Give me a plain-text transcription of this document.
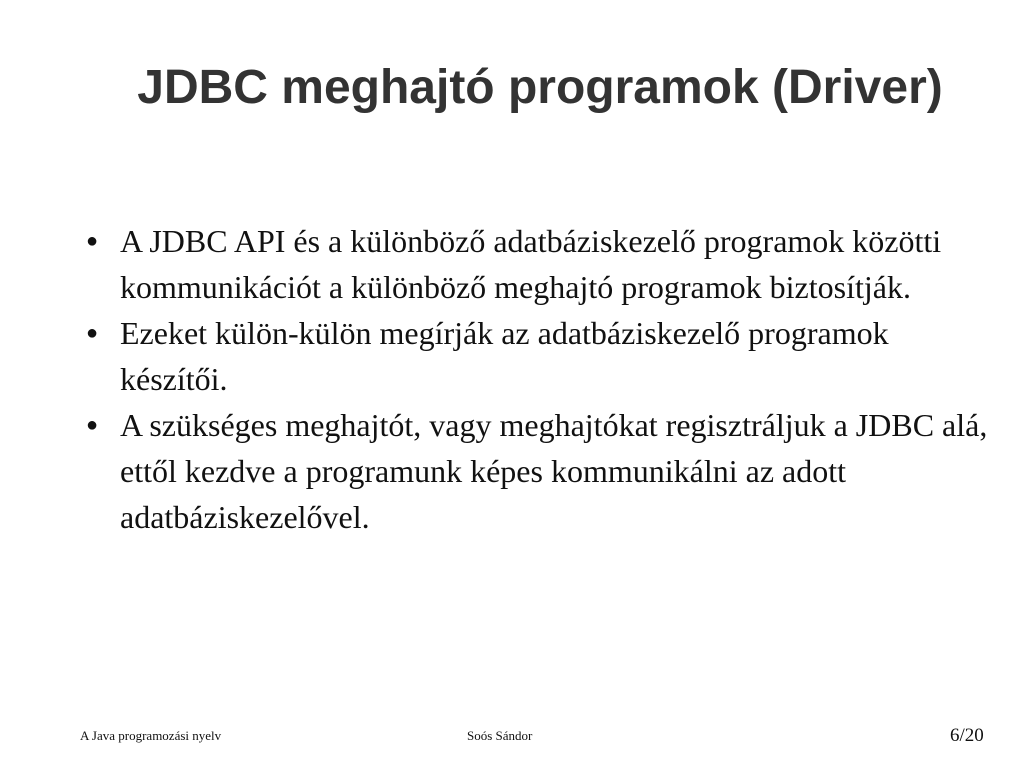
JDBC meghajtó programok (Driver)
● A JDBC API és a különböző adatbáziskezelő programok közötti kommunikációt a különböző meghajtó programok biztosítják.
● Ezeket külön-külön megírják az adatbáziskezelő programok készítői.
● A szükséges meghajtót, vagy meghajtókat regisztráljuk a JDBC alá, ettől kezdve a programunk képes kommunikálni az adott adatbáziskezelővel.
A Java programozási nyelv	Soós Sándor	6/20
